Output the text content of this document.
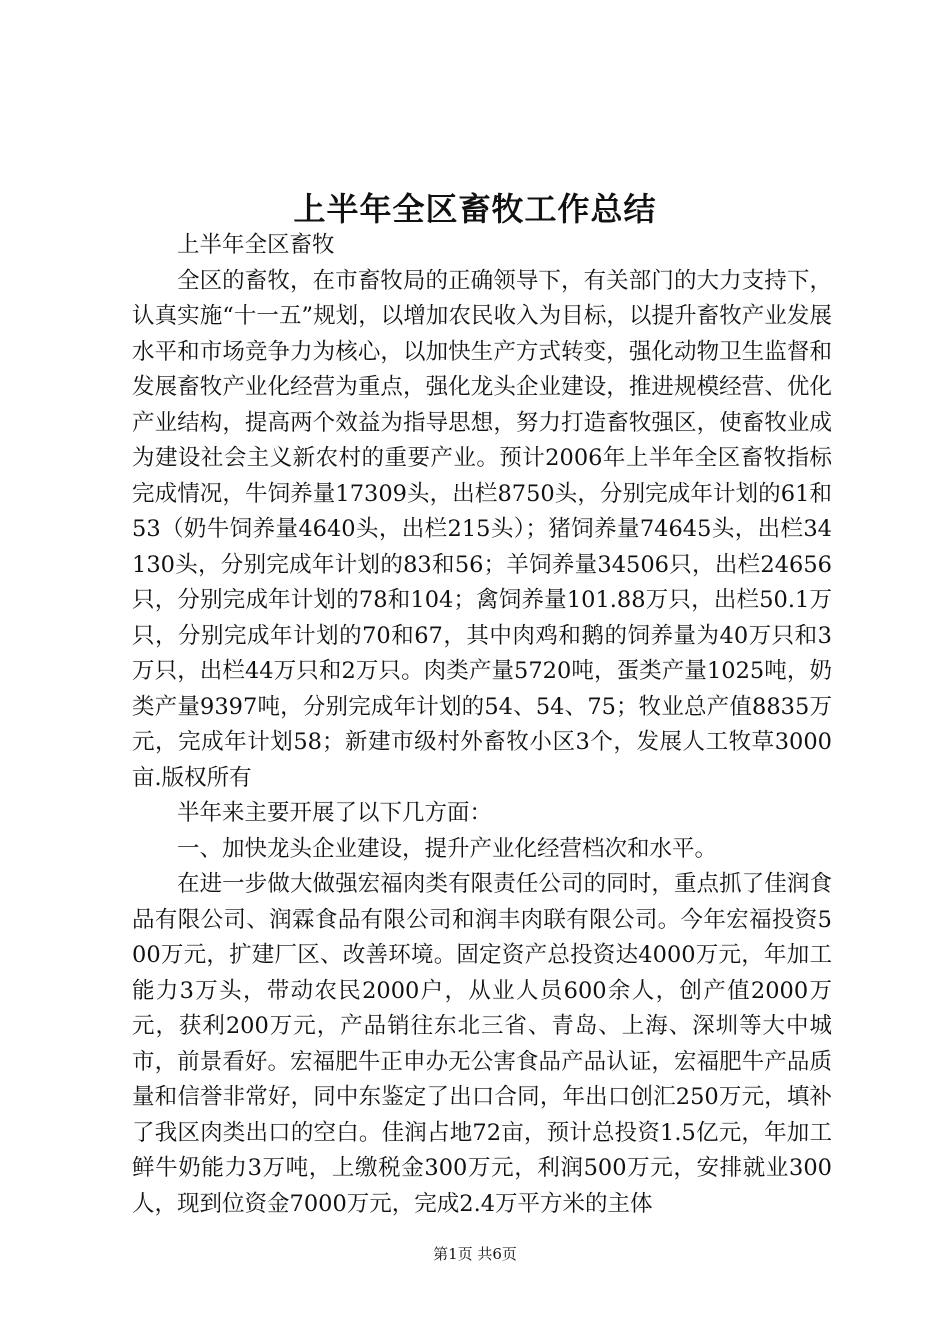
上半年全区畜牧工作总结

上半年全区畜牧

全区的畜牧，在市畜牧局的正确领导下，有关部门的大力支持下，认真实施“十一五”规划，以增加农民收入为目标，以提升畜牧产业发展水平和市场竞争力为核心，以加快生产方式转变，强化动物卫生监督和发展畜牧产业化经营为重点，强化龙头企业建设，推进规模经营、优化产业结构，提高两个效益为指导思想，努力打造畜牧强区，使畜牧业成为建设社会主义新农村的重要产业。预计2006年上半年全区畜牧指标完成情况，牛饲养量17309头，出栏8750头，分别完成年计划的61和53（奶牛饲养量4640头，出栏215头）；猪饲养量74645头，出栏34130头，分别完成年计划的83和56；羊饲养量34506只，出栏24656只，分别完成年计划的78和104；禽饲养量101.88万只，出栏50.1万只，分别完成年计划的70和67，其中肉鸡和鹅的饲养量为40万只和3万只，出栏44万只和2万只。肉类产量5720吨，蛋类产量1025吨，奶类产量9397吨，分别完成年计划的54、54、75；牧业总产值8835万元，完成年计划58；新建市级村外畜牧小区3个，发展人工牧草3000亩.版权所有

半年来主要开展了以下几方面：

一、加快龙头企业建设，提升产业化经营档次和水平。

在进一步做大做强宏福肉类有限责任公司的同时，重点抓了佳润食品有限公司、润霖食品有限公司和润丰肉联有限公司。今年宏福投资500万元，扩建厂区、改善环境。固定资产总投资达4000万元，年加工能力3万头，带动农民2000户，从业人员600余人，创产值2000万元，获利200万元，产品销往东北三省、青岛、上海、深圳等大中城市，前景看好。宏福肥牛正申办无公害食品产品认证，宏福肥牛产品质量和信誉非常好，同中东鉴定了出口合同，年出口创汇250万元，填补了我区肉类出口的空白。佳润占地72亩，预计总投资1.5亿元，年加工鲜牛奶能力3万吨，上缴税金300万元，利润500万元，安排就业300人，现到位资金7000万元，完成2.4万平方米的主体

第1页 共6页
